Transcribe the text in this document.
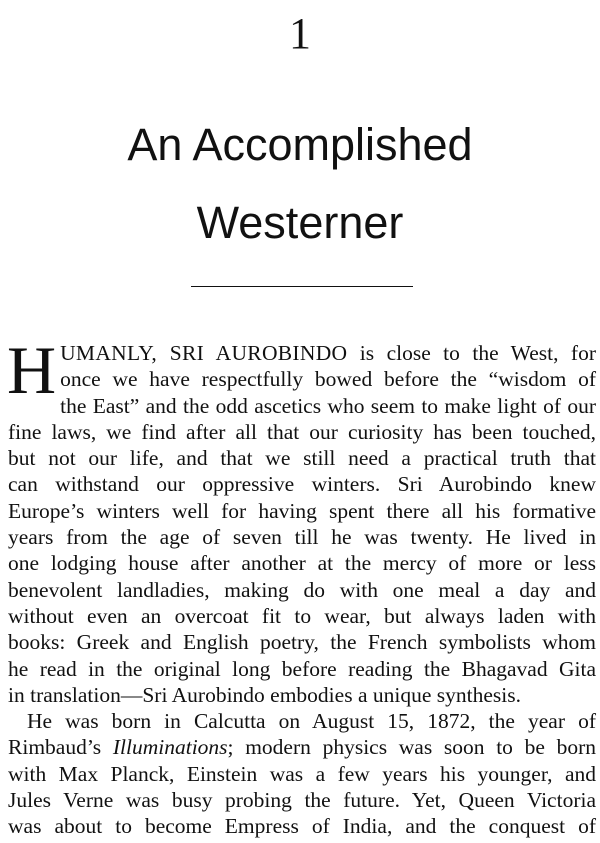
1
An Accomplished
Westerner
H UMANLY, SRI AUROBINDO is close to the West, for
once we have respectfully bowed before the “wisdom of
the East” and the odd ascetics who seem to make light of our
fine laws, we find after all that our curiosity has been touched,
but not our life, and that we still need a practical truth that
can withstand our oppressive winters. Sri Aurobindo knew
Europe’s winters well for having spent there all his formative
years from the age of seven till he was twenty. He lived in
one lodging house after another at the mercy of more or less
benevolent landladies, making do with one meal a day and
without even an overcoat fit to wear, but always laden with
books: Greek and English poetry, the French symbolists whom
he read in the original long before reading the Bhagavad Gita
in translation—Sri Aurobindo embodies a unique synthesis.
He was born in Calcutta on August 15, 1872, the year of
Rimbaud’s Illuminations; modern physics was soon to be born
with Max Planck, Einstein was a few years his younger, and
Jules Verne was busy probing the future. Yet, Queen Victoria
was about to become Empress of India, and the conquest of
